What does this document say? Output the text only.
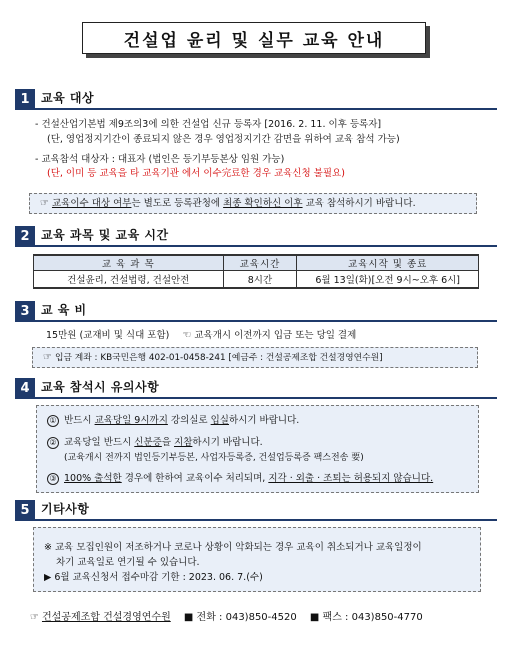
건설업 윤리 및 실무 교육 안내
1 교육 대상
- 건설산업기본법 제9조의3에 의한 건설업 신규 등록자 [2016. 2. 11. 이후 등록자]
(단, 영업정지기간이 종료되지 않은 경우 영업정지기간 감면을 위하여 교육 참석 가능)
- 교육참석 대상자 : 대표자 (법인은 등기부등본상 임원 가능)
(단, 이미 등 교육을 타 교육기관 에서 이수完료한 경우 교육신청 불필요)
☞ 교육이수 대상 여부는 별도로 등록관청에 최종 확인하신 이후 교육 참석하시기 바랍니다.
2 교육 과목 및 교육 시간
교 육 과 목	교육시간	교육시작 및 종료
건설윤리, 건설법령, 건설안전	8시간	6월 13일(화)[오전 9시~오후 6시]
3 교 육 비
15만원 (교재비 및 식대 포함) ☜ 교육개시 이전까지 입금 또는 당일 결제
☞ 입금 계좌 : KB국민은행 402-01-0458-241 [예금주 : 건설공제조합 건설경영연수원]
4 교육 참석시 유의사항
① 반드시 교육당일 9시까지 강의실로 입실하시기 바랍니다.
② 교육당일 반드시 신분증을 지참하시기 바랍니다.
(교육개시 전까지 법인등기부등본, 사업자등록증, 건설업등록증 팩스전송 要)
③ 100% 출석한 경우에 한하여 교육이수 처리되며, 지각 · 외출 · 조퇴는 허용되지 않습니다.
5 기타사항
※ 교육 모집인원이 저조하거나 코로나 상황이 악화되는 경우 교육이 취소되거나 교육일정이
차기 교육일로 연기될 수 있습니다.
▶ 6월 교육신청서 접수마감 기한 : 2023. 06. 7.(수)
☞ 건설공제조합 건설경영연수원 ■ 전화 : 043)850-4520 ■ 팩스 : 043)850-4770
